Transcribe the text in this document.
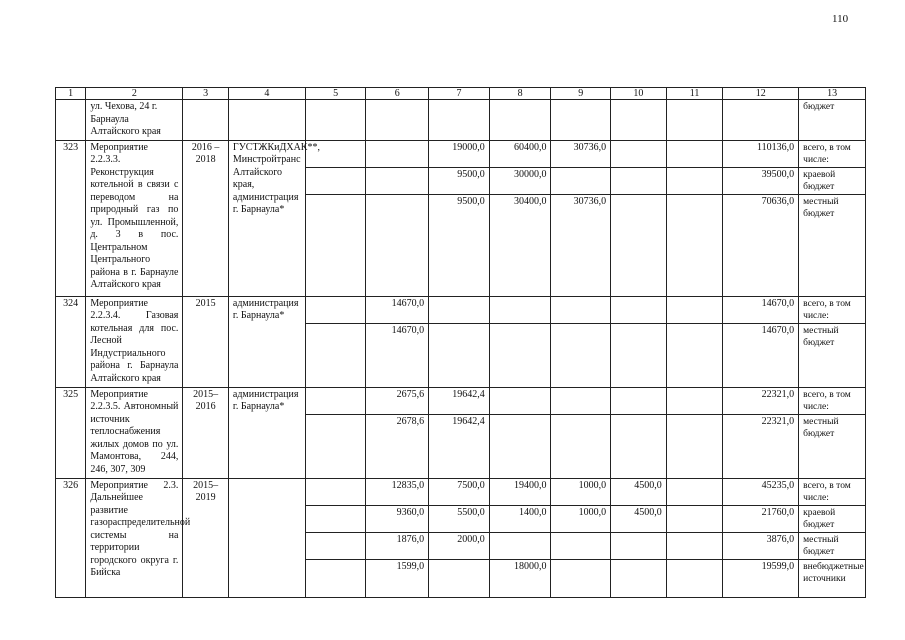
110
1	2	3	4	5	6	7	8	9	10	11	12	13
	ул. Чехова, 24 г. Барнаула Алтайского края											бюджет
323	Мероприятие 2.2.3.3. Реконструкция котельной в связи с переводом на природный газ по ул. Промышленной, д. 3 в пос. Центральном Центрального района в г. Барнауле Алтайского края	2016 – 2018	ГУСТЖКиДХАК**, Минстройтранс Алтайского края, администрация г. Барнаула*			19000,0	60400,0	30736,0			110136,0	всего, в том числе:
						9500,0	30000,0				39500,0	краевой бюджет
						9500,0	30400,0	30736,0			70636,0	местный бюджет
324	Мероприятие 2.2.3.4. Газовая котельная для пос. Лесной Индустриального района г. Барнаула Алтайского края	2015	администрация г. Барнаула*		14670,0						14670,0	всего, в том числе:
					14670,0						14670,0	местный бюджет
325	Мероприятие 2.2.3.5. Автономный источник теплоснабжения жилых домов по ул. Мамонтова, 244, 246, 307, 309	2015– 2016	администрация г. Барнаула*		2675,6	19642,4					22321,0	всего, в том числе:
					2678,6	19642,4					22321,0	местный бюджет
326	Мероприятие 2.3. Дальнейшее развитие газораспределительной системы на территории городского округа г. Бийска	2015– 2019			12835,0	7500,0	19400,0	1000,0	4500,0		45235,0	всего, в том числе:
					9360,0	5500,0	1400,0	1000,0	4500,0		21760,0	краевой бюджет
					1876,0	2000,0					3876,0	местный бюджет
					1599,0		18000,0				19599,0	внебюджетные источники
